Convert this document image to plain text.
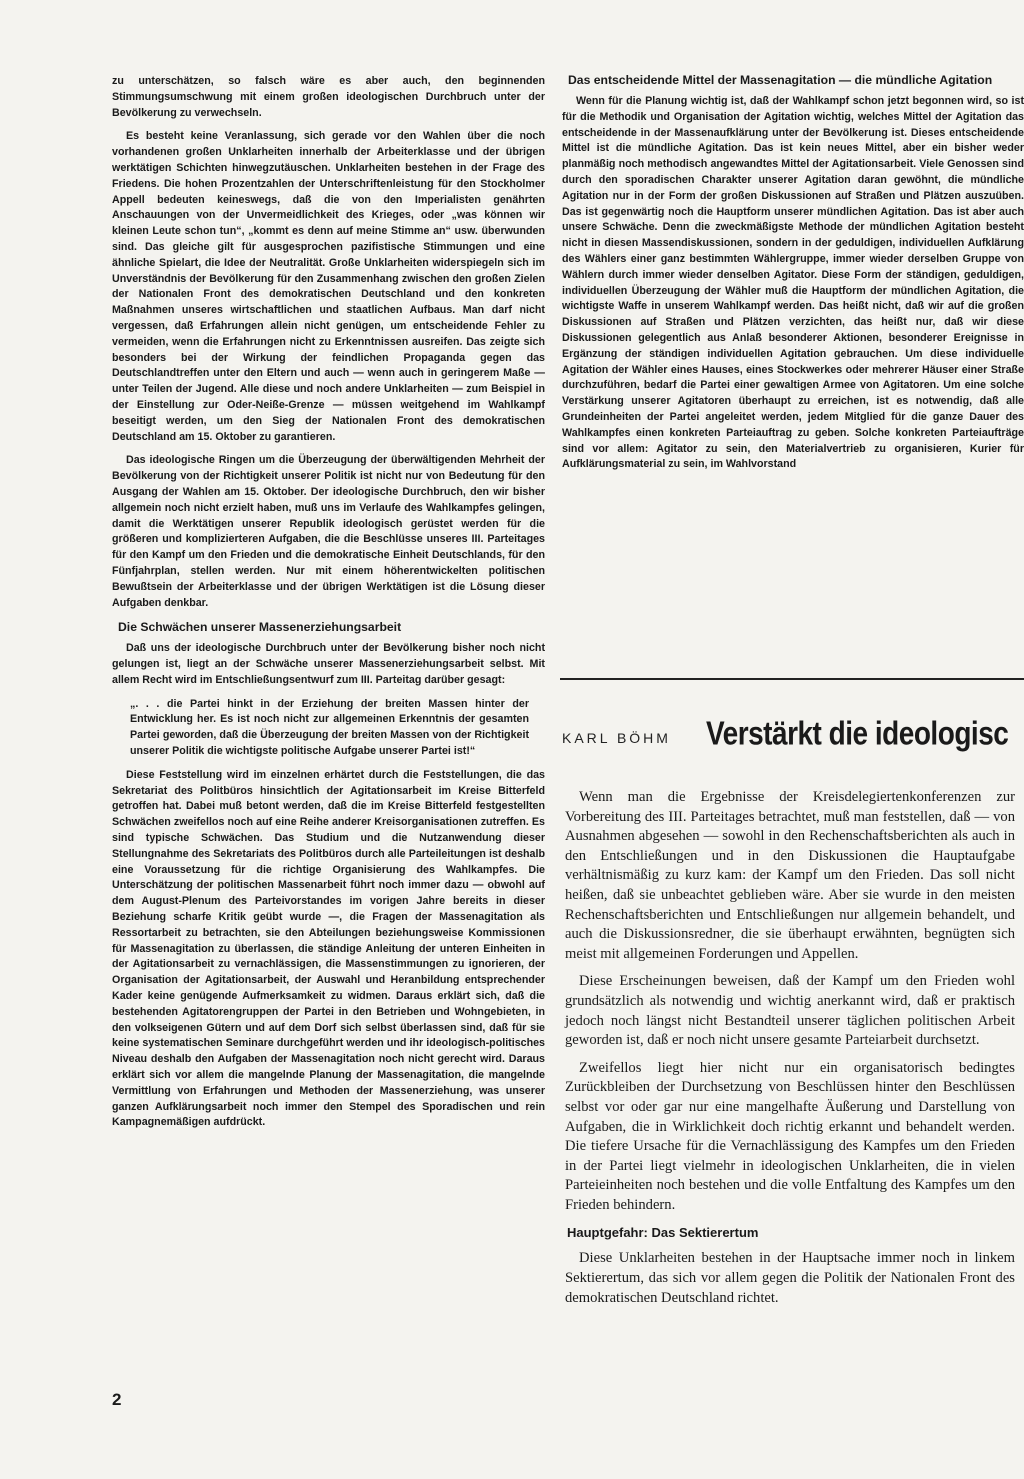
zu unterschätzen, so falsch wäre es aber auch, den beginnenden Stimmungsumschwung mit einem großen ideologischen Durchbruch unter der Bevölkerung zu verwechseln.

Es besteht keine Veranlassung, sich gerade vor den Wahlen über die noch vorhandenen großen Unklarheiten innerhalb der Arbeiterklasse und der übrigen werktätigen Schichten hinwegzutäuschen. Unklarheiten bestehen in der Frage des Friedens. Die hohen Prozentzahlen der Unterschriftenleistung für den Stockholmer Appell bedeuten keineswegs, daß die von den Imperialisten genährten Anschauungen von der Unvermeidlichkeit des Krieges, oder „was können wir kleinen Leute schon tun“, „kommt es denn auf meine Stimme an“ usw. überwunden sind. Das gleiche gilt für ausgesprochen pazifistische Stimmungen und eine ähnliche Spielart, die Idee der Neutralität. Große Unklarheiten widerspiegeln sich im Unverständnis der Bevölkerung für den Zusammenhang zwischen den großen Zielen der Nationalen Front des demokratischen Deutschland und den konkreten Maßnahmen unseres wirtschaftlichen und staatlichen Aufbaus. Man darf nicht vergessen, daß Erfahrungen allein nicht genügen, um entscheidende Fehler zu vermeiden, wenn die Erfahrungen nicht zu Erkenntnissen ausreifen. Das zeigte sich besonders bei der Wirkung der feindlichen Propaganda gegen das Deutschlandtreffen unter den Eltern und auch — wenn auch in geringerem Maße — unter Teilen der Jugend. Alle diese und noch andere Unklarheiten — zum Beispiel in der Einstellung zur Oder-Neiße-Grenze — müssen weitgehend im Wahlkampf beseitigt werden, um den Sieg der Nationalen Front des demokratischen Deutschland am 15. Oktober zu garantieren.

Das ideologische Ringen um die Überzeugung der überwältigenden Mehrheit der Bevölkerung von der Richtigkeit unserer Politik ist nicht nur von Bedeutung für den Ausgang der Wahlen am 15. Oktober. Der ideologische Durchbruch, den wir bisher allgemein noch nicht erzielt haben, muß uns im Verlaufe des Wahlkampfes gelingen, damit die Werktätigen unserer Republik ideologisch gerüstet werden für die größeren und komplizierteren Aufgaben, die die Beschlüsse unseres III. Parteitages für den Kampf um den Frieden und die demokratische Einheit Deutschlands, für den Fünfjahrplan, stellen werden. Nur mit einem höherentwickelten politischen Bewußtsein der Arbeiterklasse und der übrigen Werktätigen ist die Lösung dieser Aufgaben denkbar.

Die Schwächen unserer Massenerziehungsarbeit

Daß uns der ideologische Durchbruch unter der Bevölkerung bisher noch nicht gelungen ist, liegt an der Schwäche unserer Massenerziehungsarbeit selbst. Mit allem Recht wird im Entschließungsentwurf zum III. Parteitag darüber gesagt:

„. . . die Partei hinkt in der Erziehung der breiten Massen hinter der Entwicklung her. Es ist noch nicht zur allgemeinen Erkenntnis der gesamten Partei geworden, daß die Überzeugung der breiten Massen von der Richtigkeit unserer Politik die wichtigste politische Aufgabe unserer Partei ist!“

Diese Feststellung wird im einzelnen erhärtet durch die Feststellungen, die das Sekretariat des Politbüros hinsichtlich der Agitationsarbeit im Kreise Bitterfeld getroffen hat. Dabei muß betont werden, daß die im Kreise Bitterfeld festgestellten Schwächen zweifellos noch auf eine Reihe anderer Kreisorganisationen zutreffen. Es sind typische Schwächen. Das Studium und die Nutzanwendung dieser Stellungnahme des Sekretariats des Politbüros durch alle Parteileitungen ist deshalb eine Voraussetzung für die richtige Organisierung des Wahlkampfes. Die Unterschätzung der politischen Massenarbeit führt noch immer dazu — obwohl auf dem August-Plenum des Parteivorstandes im vorigen Jahre bereits in dieser Beziehung scharfe Kritik geübt wurde —, die Fragen der Massenagitation als Ressortarbeit zu betrachten, sie den Abteilungen beziehungsweise Kommissionen für Massenagitation zu überlassen, die ständige Anleitung der unteren Einheiten in der Agitationsarbeit zu vernachlässigen, die Massenstimmungen zu ignorieren, der Organisation der Agitationsarbeit, der Auswahl und Heranbildung entsprechender Kader keine genügende Aufmerksamkeit zu widmen. Daraus erklärt sich, daß die bestehenden Agitatorengruppen der Partei in den Betrieben und Wohngebieten, in den volkseigenen Gütern und auf dem Dorf sich selbst überlassen sind, daß für sie keine systematischen Seminare durchgeführt werden und ihr ideologisch-politisches Niveau deshalb den Aufgaben der Massenagitation noch nicht gerecht wird. Daraus erklärt sich vor allem die mangelnde Planung der Massenagitation, die mangelnde Vermittlung von Erfahrungen und Methoden der Massenerziehung, was unserer ganzen Aufklärungsarbeit noch immer den Stempel des Sporadischen und rein Kampagnemäßigen aufdrückt.

Das entscheidende Mittel der Massenagitation — die mündliche Agitation

Wenn für die Planung wichtig ist, daß der Wahlkampf schon jetzt begonnen wird, so ist für die Methodik und Organisation der Agitation wichtig, welches Mittel der Agitation das entscheidende in der Massenaufklärung unter der Bevölkerung ist. Dieses entscheidende Mittel ist die mündliche Agitation. Das ist kein neues Mittel, aber ein bisher weder planmäßig noch methodisch angewandtes Mittel der Agitationsarbeit. Viele Genossen sind durch den sporadischen Charakter unserer Agitation daran gewöhnt, die mündliche Agitation nur in der Form der großen Diskussionen auf Straßen und Plätzen auszuüben. Das ist gegenwärtig noch die Hauptform unserer mündlichen Agitation. Das ist aber auch unsere Schwäche. Denn die zweckmäßigste Methode der mündlichen Agitation besteht nicht in diesen Massendiskussionen, sondern in der geduldigen, individuellen Aufklärung des Wählers einer ganz bestimmten Wählergruppe, immer wieder derselben Gruppe von Wählern durch immer wieder denselben Agitator. Diese Form der ständigen, geduldigen, individuellen Überzeugung der Wähler muß die Hauptform der mündlichen Agitation, die wichtigste Waffe in unserem Wahlkampf werden. Das heißt nicht, daß wir auf die großen Diskussionen auf Straßen und Plätzen verzichten, das heißt nur, daß wir diese Diskussionen gelegentlich aus Anlaß besonderer Aktionen, besonderer Ereignisse in Ergänzung der ständigen individuellen Agitation gebrauchen. Um diese individuelle Agitation der Wähler eines Hauses, eines Stockwerkes oder mehrerer Häuser einer Straße durchzuführen, bedarf die Partei einer gewaltigen Armee von Agitatoren. Um eine solche Verstärkung unserer Agitatoren überhaupt zu erreichen, ist es notwendig, daß alle Grundeinheiten der Partei angeleitet werden, jedem Mitglied für die ganze Dauer des Wahlkampfes einen konkreten Parteiauftrag zu geben. Solche konkreten Parteiaufträge sind vor allem: Agitator zu sein, den Materialvertrieb zu organisieren, Kurier für Aufklärungsmaterial zu sein, im Wahlvorstand

KARL BÖHM Verstärkt die ideologisc

Wenn man die Ergebnisse der Kreisdelegiertenkonferenzen zur Vorbereitung des III. Parteitages betrachtet, muß man feststellen, daß — von Ausnahmen abgesehen — sowohl in den Rechenschaftsberichten als auch in den Entschließungen und in den Diskussionen die Hauptaufgabe verhältnismäßig zu kurz kam: der Kampf um den Frieden. Das soll nicht heißen, daß sie unbeachtet geblieben wäre. Aber sie wurde in den meisten Rechenschaftsberichten und Entschließungen nur allgemein behandelt, und auch die Diskussionsredner, die sie überhaupt erwähnten, begnügten sich meist mit allgemeinen Forderungen und Appellen.

Diese Erscheinungen beweisen, daß der Kampf um den Frieden wohl grundsätzlich als notwendig und wichtig anerkannt wird, daß er praktisch jedoch noch längst nicht Bestandteil unserer täglichen politischen Arbeit geworden ist, daß er noch nicht unsere gesamte Parteiarbeit durchsetzt.

Zweifellos liegt hier nicht nur ein organisatorisch bedingtes Zurückbleiben der Durchsetzung von Beschlüssen hinter den Beschlüssen selbst vor oder gar nur eine mangelhafte Äußerung und Darstellung von Aufgaben, die in Wirklichkeit doch richtig erkannt und behandelt werden. Die tiefere Ursache für die Vernachlässigung des Kampfes um den Frieden in der Partei liegt vielmehr in ideologischen Unklarheiten, die in vielen Parteieinheiten noch bestehen und die volle Entfaltung des Kampfes um den Frieden behindern.

Hauptgefahr: Das Sektierertum

Diese Unklarheiten bestehen in der Hauptsache immer noch in linkem Sektierertum, das sich vor allem gegen die Politik der Nationalen Front des demokratischen Deutschland richtet.

2
